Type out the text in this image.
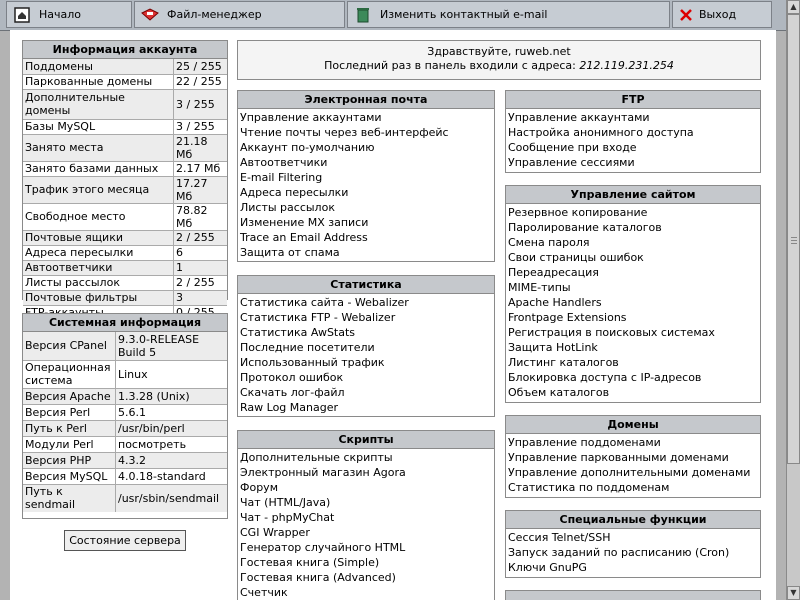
Начало	Файл-менеджер	Изменить контактный e-mail	Выход
Информация аккаунта
Поддомены	25 / 255
Паркованные домены	22 / 255
Дополнительные домены	3 / 255
Базы MySQL	3 / 255
Занято места	21.18 Мб
Занято базами данных	2.17 Мб
Трафик этого месяца	17.27 Мб
Свободное место	78.82 Мб
Почтовые ящики	2 / 255
Адреса пересылки	6
Автоответчики	1
Листы рассылок	2 / 255
Почтовые фильтры	3

Системная информация
Версия CPanel	9.3.0-RELEASE Build 5
Операционная система	Linux
Версия Apache	1.3.28 (Unix)
Версия Perl	5.6.1
Путь к Perl	/usr/bin/perl
Модули Perl	посмотреть
Версия PHP	4.3.2
Версия MySQL	4.0.18-standard
Путь к sendmail	/usr/sbin/sendmail
Состояние сервера
Здравствуйте, ruweb.net
Последний раз в панель входили с адреса: 212.119.231.254
Электронная почта
Управление аккаунтами
Чтение почты через веб-интерфейс
Аккаунт по-умолчанию
Автоответчики
E-mail Filtering
Адреса пересылки
Листы рассылок
Изменение MX записи
Trace an Email Address
Защита от спама
Статистика
Статистика сайта - Webalizer
Статистика FTP - Webalizer
Статистика AwStats
Последние посетители
Использованный трафик
Протокол ошибок
Скачать лог-файл
Raw Log Manager
Скрипты
Дополнительные скрипты
Электронный магазин Agora
Форум
Чат (HTML/Java)
Чат - phpMyChat
CGI Wrapper
Генератор случайного HTML
Гостевая книга (Simple)
Гостевая книга (Advanced)
Счетчик
FTP
Управление аккаунтами
Настройка анонимного доступа
Сообщение при входе
Управление сессиями
Управление сайтом
Резервное копирование
Паролирование каталогов
Смена пароля
Свои страницы ошибок
Переадресация
MIME-типы
Apache Handlers
Frontpage Extensions
Регистрация в поисковых системах
Защита HotLink
Листинг каталогов
Блокировка доступа с IP-адресов
Объем каталогов
Домены
Управление поддоменами
Управление паркованными доменами
Управление дополнительными доменами
Статистика по поддоменам
Специальные функции
Сессия Telnet/SSH
Запуск заданий по расписанию (Cron)
Ключи GnuPG
▲
▼
